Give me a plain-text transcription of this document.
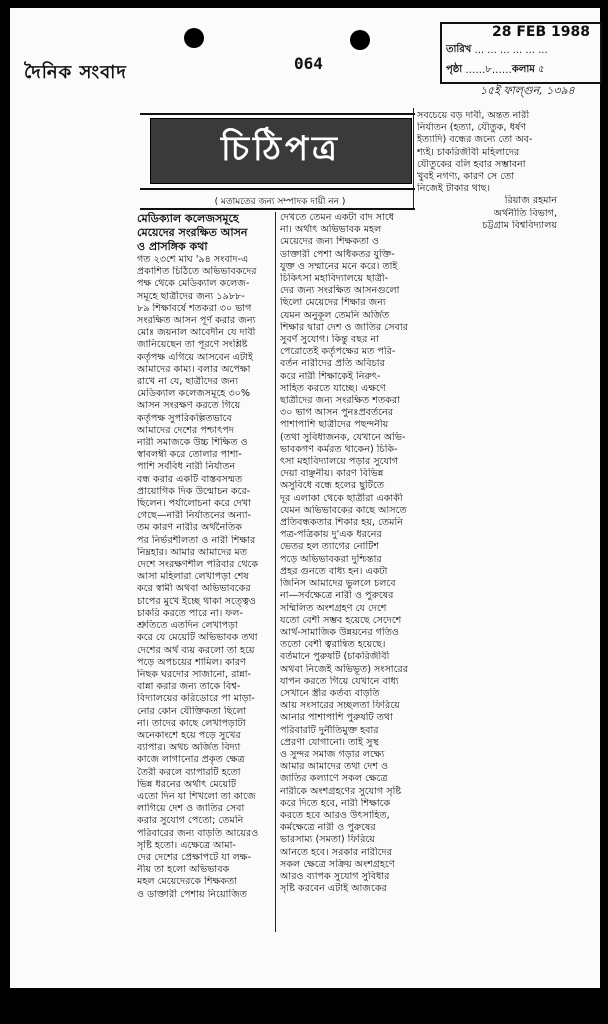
দৈনিক সংবাদ	064
28 FEB 1988
তারিখ
... ... ... ... ... ...
পৃষ্ঠা …… ৮ …… কলাম
৫
১৫ই ফাল্গুন, ১৩৯৪
চিঠিপত্র
( মতামতের জন্য সম্পাদক দায়ী নন )
মেডিক্যাল কলেজসমূহে
মেয়েদের সংরক্ষিত আসন
ও প্রাসঙ্গিক কথা
গত ২৩শে মাঘ '৯৪ সংবাদ-এ
প্রকাশিত চিঠিতে অভিভাবকদের
পক্ষ থেকে মেডিক্যাল কলেজ-
সমূহে ছাত্রীদের জন্য ১৯৮৮-
৮৯ শিক্ষাবর্ষে শতকরা ৩০ ভাগ
সংরক্ষিত আসন পূর্ণ করার জন্য
মোঃ জয়নাল আবেদীন যে দাবী
জানিয়েছেন তা পূরণে সংশ্লিষ্ট
কর্তৃপক্ষ এগিয়ে আসবেন এটাই
আমাদের কাম্য। বলার অপেক্ষা
রাখে না যে, ছাত্রীদের জন্য
মেডিক্যাল কলেজসমূহে ৩০%
আসন সংরক্ষণ করতে গিয়ে
কর্তৃপক্ষ সুপরিকল্পিতভাবে
আমাদের দেশের পশ্চাৎপদ
নারী সমাজকে উচ্চ শিক্ষিত ও
স্বাবলম্বী করে তোলার পাশা-
পাশি সর্ববিধ নারী নির্যাতন
বন্ধ করার একটি বাস্তবসম্মত
প্রায়োগিক দিক উন্মোচন করে-
ছিলেন। পর্যালোচনা করে দেখা
গেছে—নারী নির্যাতনের অন্যা-
তম কারণ নারীর অর্থনৈতিক
পর নির্ভরশীলতা ও নারী শিক্ষার
নিম্নহার। আমার আমাদের মত
দেশে সংরক্ষণশীল পরিবার থেকে
আসা মহিলারা লেখাপড়া শেষ
করে স্বামী অথবা অভিভাবকের
চাপের মুখে ইচ্ছে থাকা সত্ত্বেও
চাকরি করতে পারে না। ফল-
শ্রুতিতে এতদিন লেখাপড়া
করে যে মেয়েটি অভিভাবক তথা
দেশের অর্থ ব্যয় করলো তা হয়ে
পড়ে অপচয়ের শামিল। কারণ
নিছক ঘরদোর সাজানো, রান্না-
বান্না করার জন্য তাকে বিশ্ব-
বিদ্যালয়ের করিডোরে পা মাড়া-
নোর কোন যৌক্তিকতা ছিলো
না। তাদের কাছে লেখাপড়াটা
অনেকাংশে হয়ে পড়ে সুখের
ব্যাপার। অথচ অর্জিত বিদ্যা
কাজে লাগানোর প্রকৃত ক্ষেত্র
তৈরী করলে ব্যাপারটি হতো
ভিন্ন ধরনের অর্থাৎ মেয়েটি
এতো দিন যা শিখলো তা কাজে
লাগিয়ে দেশ ও জাতির সেবা
করার সুযোগ পেতো; তেমনি
পরিবারের জন্য বাড়তি আয়েরও
সৃষ্টি হতো। এক্ষেত্রে আমা-
দের দেশের প্রেক্ষাপটে যা লক্ষ-
নীয় তা হলো অভিভাবক
মহল মেয়েদেরকে শিক্ষকতা
ও ডাক্তারী পেশায় নিয়োজিত
দেখতে তেমন একটা বাদ সাধে
না। অর্থাৎ অভিভাবক মহল
মেয়েদের জন্য শিক্ষকতা ও
ডাক্তারী পেশা অধিকতর যুক্তি-
যুক্ত ও সম্মানের মনে করে। তাই
চিকিৎসা মহাবিদ্যালয়ে ছাত্রী-
দের জন্য সংরক্ষিত আসনগুলো
ছিলো মেয়েদের শিক্ষার জন্য
যেমন অনুকূল তেমনি অর্জিত
শিক্ষার দ্বারা দেশ ও জাতির সেবার
সুবর্ণ সুযোগ। কিন্তু বছর না
পেরোতেই কর্তৃপক্ষের মত পরি-
বর্তন নারীদের প্রতি অবিচার
করে নারী শিক্ষাকেই নিরুৎ-
সাহিত করতে যাচ্ছে। এক্ষণে
ছাত্রীদের জন্য সংরক্ষিত শতকরা
৩০ ভাগ আসন পুনঃপ্রবর্তনের
পাশাপাশি ছাত্রীদের পছন্দনীয়
(তথা সুবিধাজনক, যেখানে অভি-
ভাবকগণ কর্মরত থাকেন) চিকি-
ৎসা মহাবিদ্যালয়ে পড়ার সুযোগ
দেয়া বাঞ্ছনীয়। কারণ বিভিন্ন
অসুবিধে বন্ধে হলের ছুটিতে
দূর এলাকা থেকে ছাত্রীরা একাকী
যেমন অভিভাবকের কাছে আসতে
প্রতিবন্ধকতার শিকার হয়, তেমনি
পত্র-পত্রিকায় দু'এক ধরনের
ভেতর হল ত্যাগের নোটিশ
পড়ে অভিভাবকরা দুশ্চিন্তার
প্রহর গুনতে বাধ্য হন। একটা
জিনিস আমাদের ভুললে চলবে
না—সর্বক্ষেত্রে নারী ও পুরুষের
সম্মিলিত অংশগ্রহণ যে দেশে
যতো বেশী সম্ভব হয়েছে সেদেশে
আর্থ-সামাজিক উন্নয়নের গতিও
ততো বেশী ত্বরান্বিত হয়েছে।
বর্তমানে পুরুষটি (চাকরিজীবী
অথবা নিজেই অভিভূত) সংসারের
যাপন করতে গিয়ে যেখানে বাধ্য
সেখানে স্ত্রীর কর্তব্য বাড়তি
আয় সংসারের সচ্ছলতা ফিরিয়ে
আনার পাশাপাশি পুরুষটি তথা
পরিবারটি দুর্নীতিমুক্ত হবার
প্রেরণা যোগানো। তাই সুস্থ
ও সুন্দর সমাজ গড়ার লক্ষ্যে
আমার আমাদের তথা দেশ ও
জাতির কল্যাণে সকল ক্ষেত্রে
নারীকে অংশগ্রহণের সুযোগ সৃষ্টি
করে দিতে হবে, নারী শিক্ষাকে
করতে হবে আরও উৎসাহিত,
কর্মক্ষেত্রে নারী ও পুরুষের
ভারসাম্য (সমতা) ফিরিয়ে
আনতে হবে। সরকার নারীদের
সকল ক্ষেত্রে সক্রিয় অংশগ্রহণে
আরও ব্যাপক সুযোগ সুবিধার
সৃষ্টি করবেন এটাই আজকের
সবচেয়ে বড় দাবী, অন্তত নারী
নির্যাতন (হত্যা, যৌতুক, ধর্ষণ
ইত্যাদি) বন্ধের জন্যে তো অব-
শ্যই। চাকরিজীবী মহিলাদের
যৌতুকের বলি হবার সম্ভাবনা
খুবই নগণ্য, কারণ সে তো
নিজেই টাকার থাছ।
রিয়াজ রহমান
অর্থনীতি বিভাগ,
চট্টগ্রাম বিশ্ববিদ্যালয়
